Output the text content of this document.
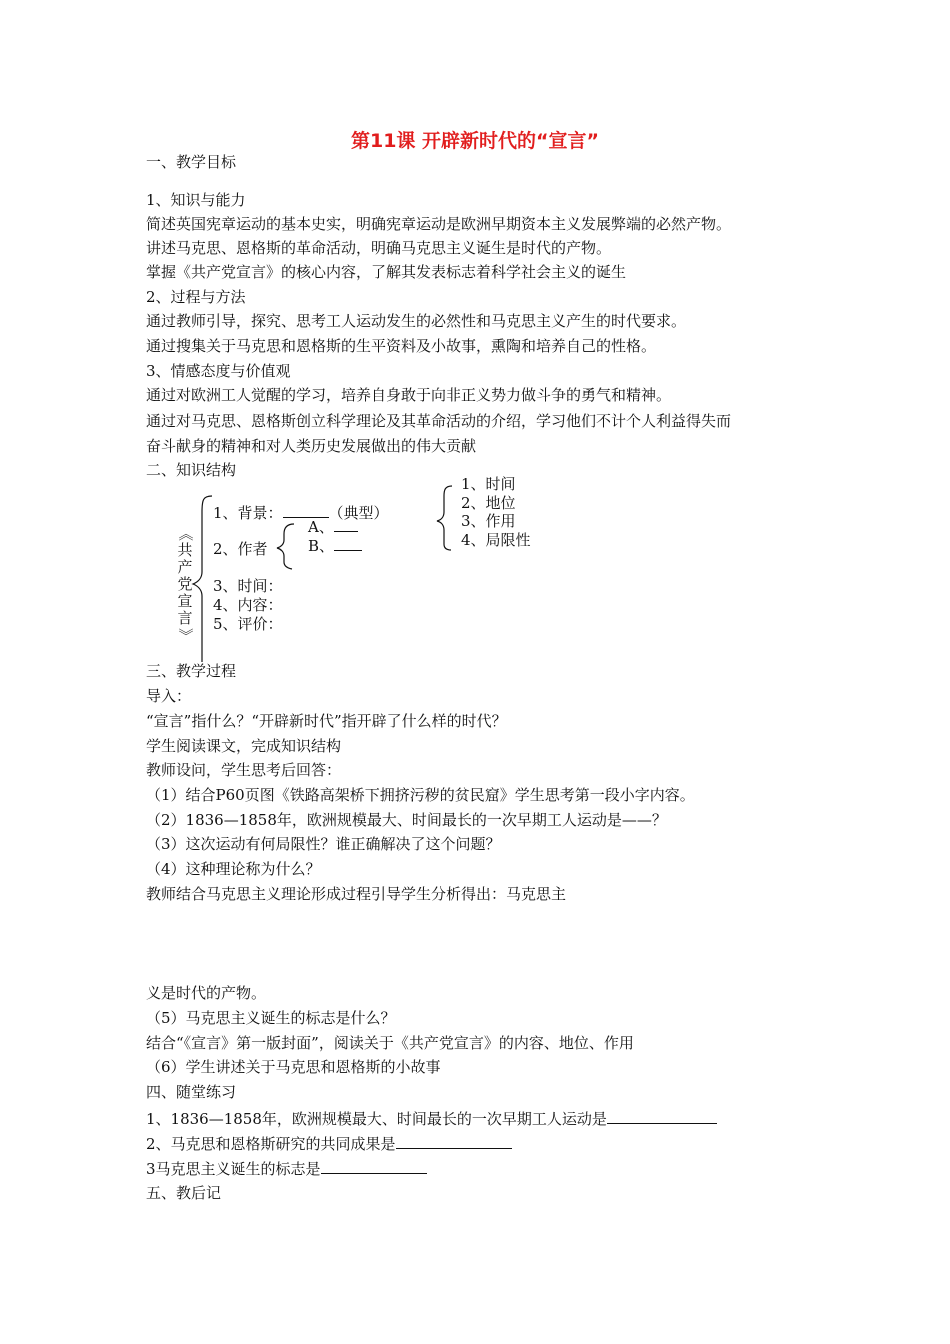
第11课 开辟新时代的“宣言”
一、教学目标
1、知识与能力
简述英国宪章运动的基本史实，明确宪章运动是欧洲早期资本主义发展弊端的必然产物。
讲述马克思、恩格斯的革命活动，明确马克思主义诞生是时代的产物。
掌握《共产党宣言》的核心内容，了解其发表标志着科学社会主义的诞生
2、过程与方法
通过教师引导，探究、思考工人运动发生的必然性和马克思主义产生的时代要求。
通过搜集关于马克思和恩格斯的生平资料及小故事，熏陶和培养自己的性格。
3、情感态度与价值观
通过对欧洲工人觉醒的学习，培养自身敢于向非正义势力做斗争的勇气和精神。
通过对马克思、恩格斯创立科学理论及其革命活动的介绍，学习他们不计个人利益得失而
奋斗献身的精神和对人类历史发展做出的伟大贡献
二、知识结构
《
共
产
党
宣
言
》
1、背景：	（典型）
A、
2、作者	B、
3、时间：
4、内容：
5、评价：
1、时间
2、地位
3、作用
4、局限性
三、教学过程
导入：
“宣言”指什么？“开辟新时代”指开辟了什么样的时代？
学生阅读课文，完成知识结构
教师设问，学生思考后回答：
（1）结合P60页图《铁路高架桥下拥挤污秽的贫民窟》学生思考第一段小字内容。
（2）1836—1858年，欧洲规模最大、时间最长的一次早期工人运动是——？
（3）这次运动有何局限性？谁正确解决了这个问题？
（4）这种理论称为什么？
教师结合马克思主义理论形成过程引导学生分析得出：马克思主
义是时代的产物。
（5）马克思主义诞生的标志是什么？
结合“《宣言》第一版封面”，阅读关于《共产党宣言》的内容、地位、作用
（6）学生讲述关于马克思和恩格斯的小故事
四、随堂练习
1、1836—1858年，欧洲规模最大、时间最长的一次早期工人运动是
2、马克思和恩格斯研究的共同成果是
3马克思主义诞生的标志是
五、教后记
